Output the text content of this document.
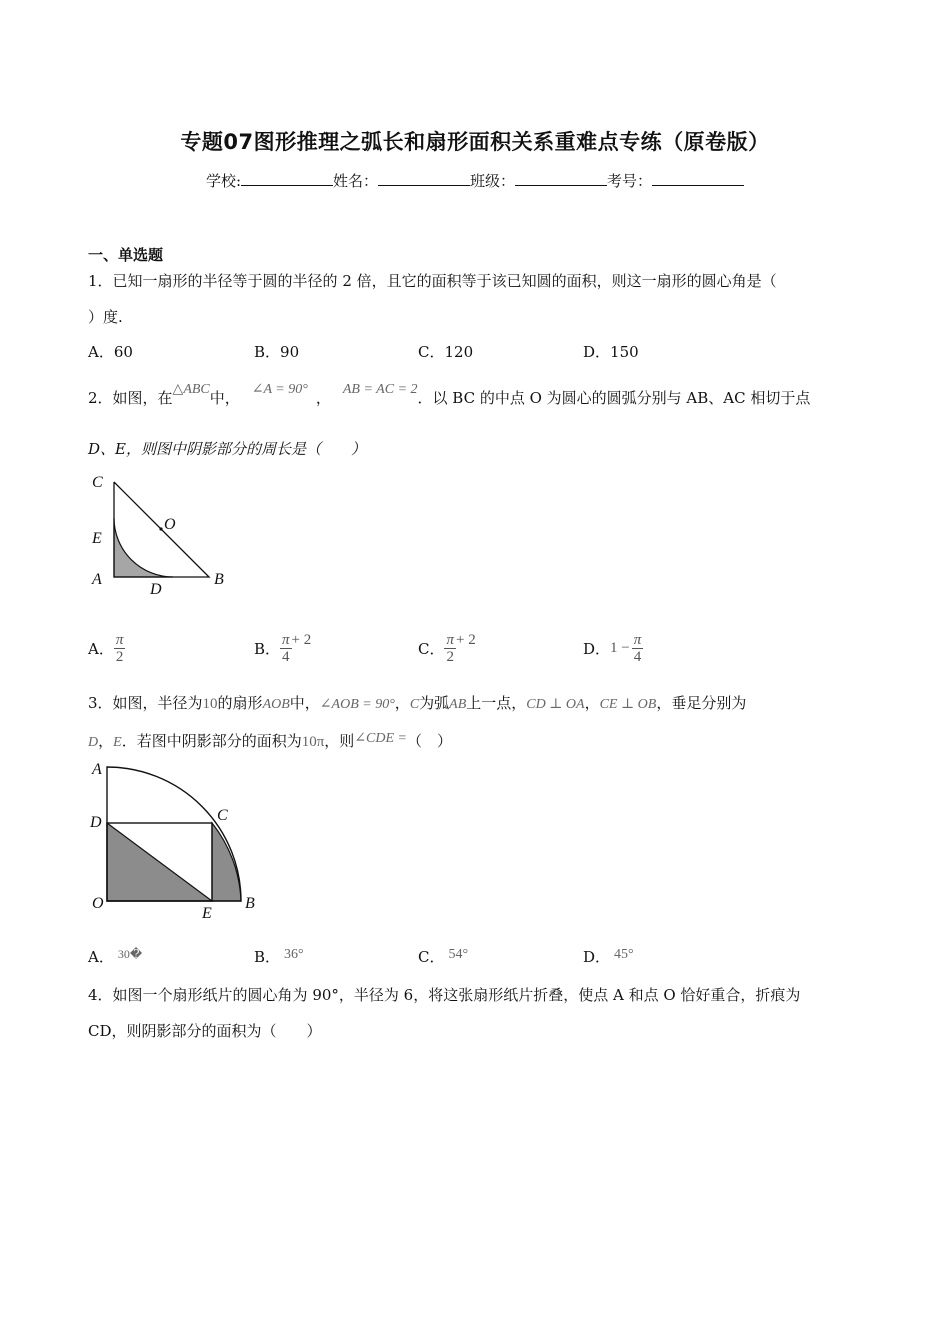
专题07图形推理之弧长和扇形面积关系重难点专练（原卷版）
学校:	姓名：	班级：	考号：
一、单选题
1．已知一扇形的半径等于圆的半径的 2 倍，且它的面积等于该已知圆的面积，则这一扇形的圆心角是（
）度.
A．60	B．90	C．120	D．150
2．如图，在△ABC中， ∠A = 90° ， AB = AC = 2．以 BC 的中点 O 为圆心的圆弧分别与 AB、AC 相切于点
D、E，则图中阴影部分的周长是（　　）
C
O
E
A
D
B
A． $\frac{\pi}{2}$	B． $\frac{\pi}{4} + 2$	C． $\frac{\pi}{2} + 2$	D．$1 - \frac{\pi}{4}$
3．如图，半径为10的扇形AOB中，∠AOB = 90°，C为弧AB上一点，CD ⊥ OA，CE ⊥ OB，垂足分别为
D，E．若图中阴影部分的面积为10π，则∠CDE =（　）
A
D	C
O
E
B
A． $^{30�}$	B． 36°	C． 54°	D． 45°
4．如图一个扇形纸片的圆心角为 90°，半径为 6，将这张扇形纸片折叠，使点 A 和点 O 恰好重合，折痕为
CD，则阴影部分的面积为（　　）
